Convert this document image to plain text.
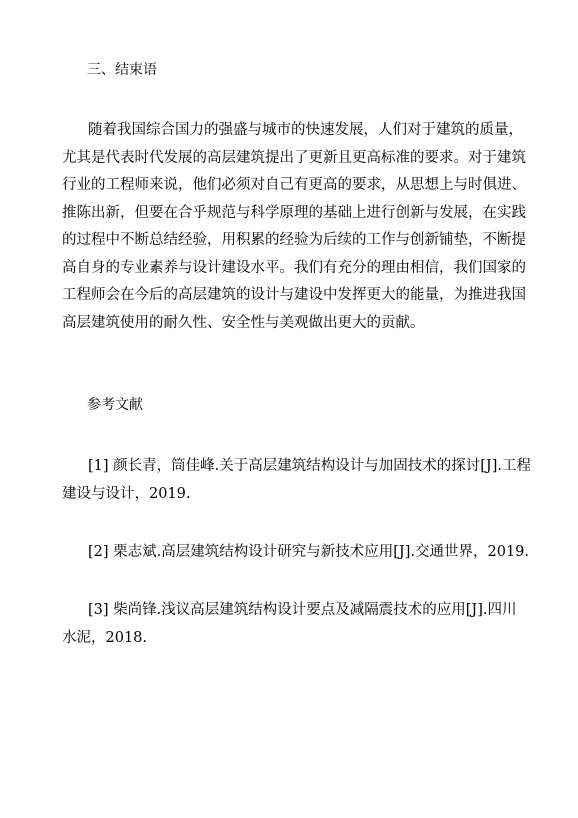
三、结束语

随着我国综合国力的强盛与城市的快速发展，人们对于建筑的质量，
尤其是代表时代发展的高层建筑提出了更新且更高标准的要求。对于建筑
行业的工程师来说，他们必须对自己有更高的要求，从思想上与时俱进、
推陈出新，但要在合乎规范与科学原理的基础上进行创新与发展，在实践
的过程中不断总结经验，用积累的经验为后续的工作与创新铺垫，不断提
高自身的专业素养与设计建设水平。我们有充分的理由相信，我们国家的
工程师会在今后的高层建筑的设计与建设中发挥更大的能量，为推进我国
高层建筑使用的耐久性、安全性与美观做出更大的贡献。

参考文献

[1] 颜长青，筒佳峰.关于高层建筑结构设计与加固技术的探讨[J].工程
建设与设计，2019.

[2] 栗志斌.高层建筑结构设计研究与新技术应用[J].交通世界，2019.

[3] 柴尚锋.浅议高层建筑结构设计要点及减隔震技术的应用[J].四川
水泥，2018.
